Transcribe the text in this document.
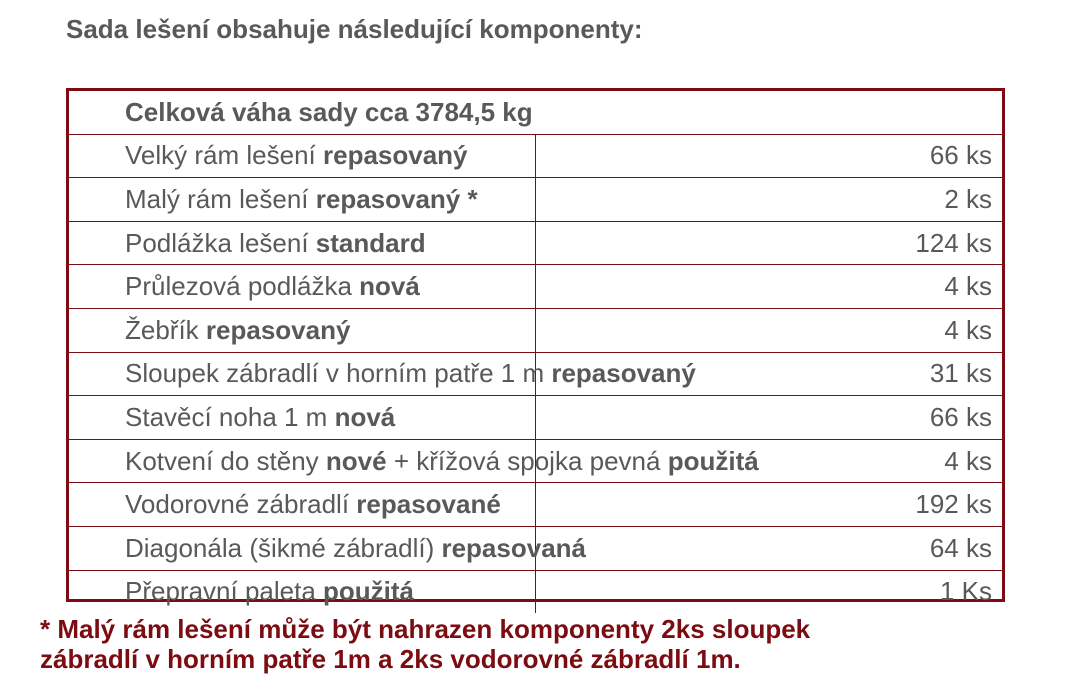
Sada lešení obsahuje následující komponenty:
Celková váha sady cca 3784,5 kg	
Velký rám lešení repasovaný	66 ks
Malý rám lešení repasovaný *	2 ks
Podlážka lešení standard	124 ks
Průlezová podlážka nová	4 ks
Žebřík repasovaný	4 ks
Sloupek zábradlí v horním patře 1 m repasovaný	31 ks
Stavěcí noha 1 m nová	66 ks
Kotvení do stěny nové + křížová spojka pevná použitá	4 ks
Vodorovné zábradlí repasované	192 ks
Diagonála (šikmé zábradlí) repasovaná	64 ks
Přepravní paleta použitá	1 Ks
* Malý rám lešení může být nahrazen komponenty 2ks sloupek
zábradlí v horním patře 1m a 2ks vodorovné zábradlí 1m.
